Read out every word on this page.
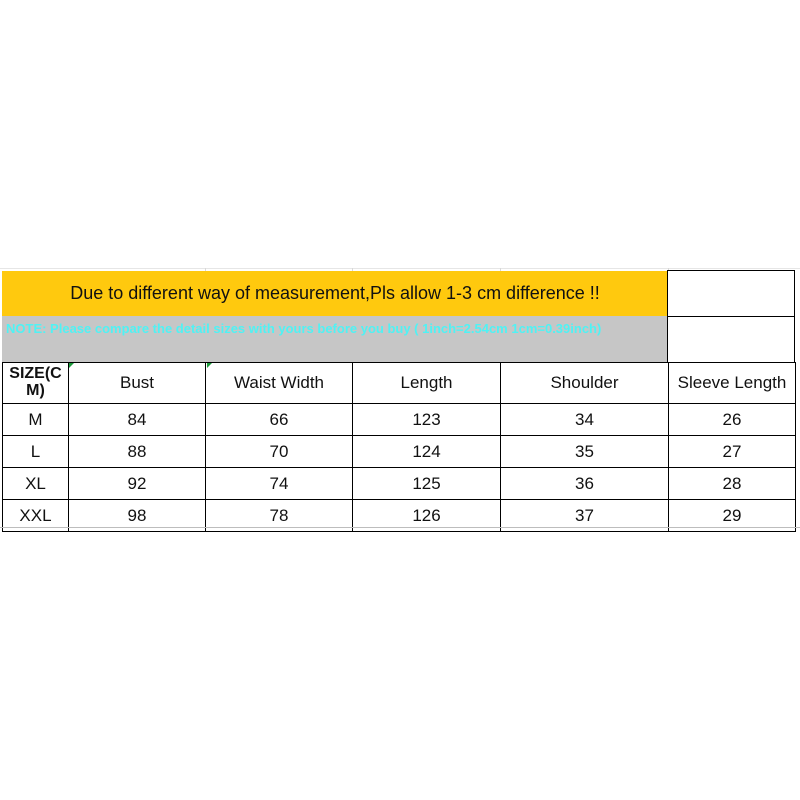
Due to different way of measurement,Pls allow 1-3 cm difference !!
NOTE: Please compare the detail sizes with yours before you buy ( 1inch=2.54cm 1cm=0.39inch)
SIZE(CM)	Bust	Waist Width	Length	Shoulder	Sleeve Length
M	84	66	123	34	26
L	88	70	124	35	27
XL	92	74	125	36	28
XXL	98	78	126	37	29
